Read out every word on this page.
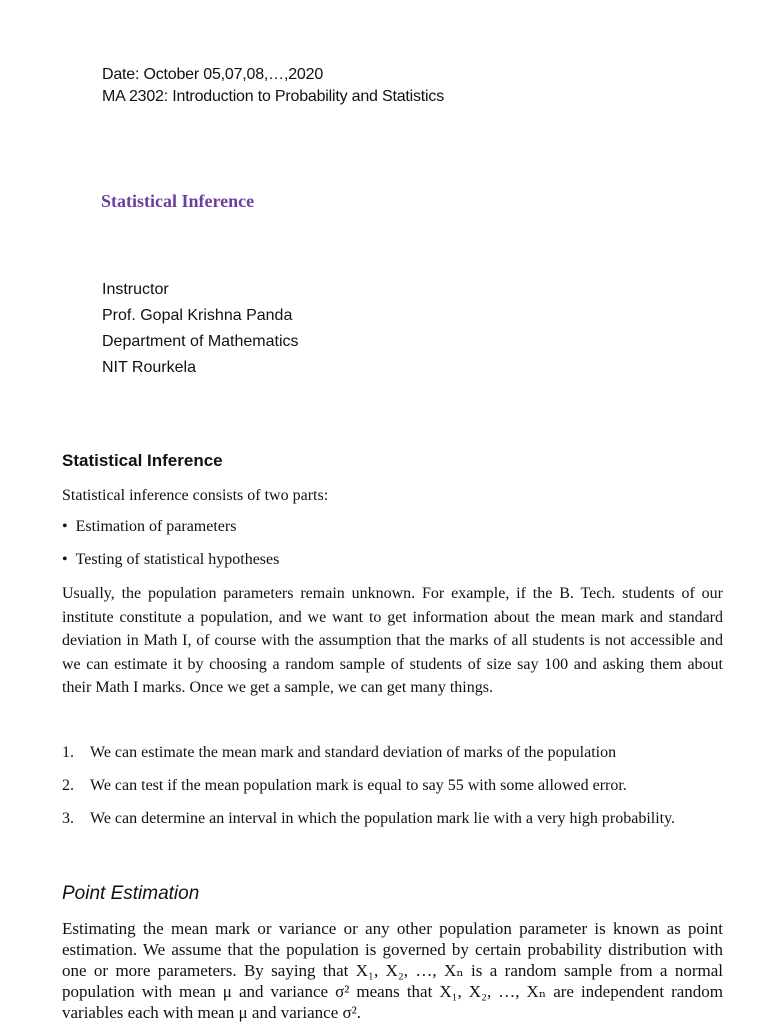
Date: October 05,07,08,…,2020
MA 2302: Introduction to Probability and Statistics
Statistical Inference
Instructor
Prof. Gopal Krishna Panda
Department of Mathematics
NIT Rourkela
Statistical Inference
Statistical inference consists of two parts:
•  Estimation of parameters
•  Testing of statistical hypotheses
Usually, the population parameters remain unknown. For example, if the B. Tech. students of our institute constitute a population, and we want to get information about the mean mark and standard deviation in Math I, of course with the assumption that the marks of all students is not accessible and we can estimate it by choosing a random sample of students of size say 100 and asking them about their Math I marks. Once we get a sample, we can get many things.
1. We can estimate the mean mark and standard deviation of marks of the population
2. We can test if the mean population mark is equal to say 55 with some allowed error.
3. We can determine an interval in which the population mark lie with a very high probability.
Point Estimation
Estimating the mean mark or variance or any other population parameter is known as point estimation. We assume that the population is governed by certain probability distribution with one or more parameters. By saying that X₁, X₂, …, Xₙ is a random sample from a normal population with mean μ and variance σ² means that X₁, X₂, …, Xₙ are independent random variables each with mean μ and variance σ².
